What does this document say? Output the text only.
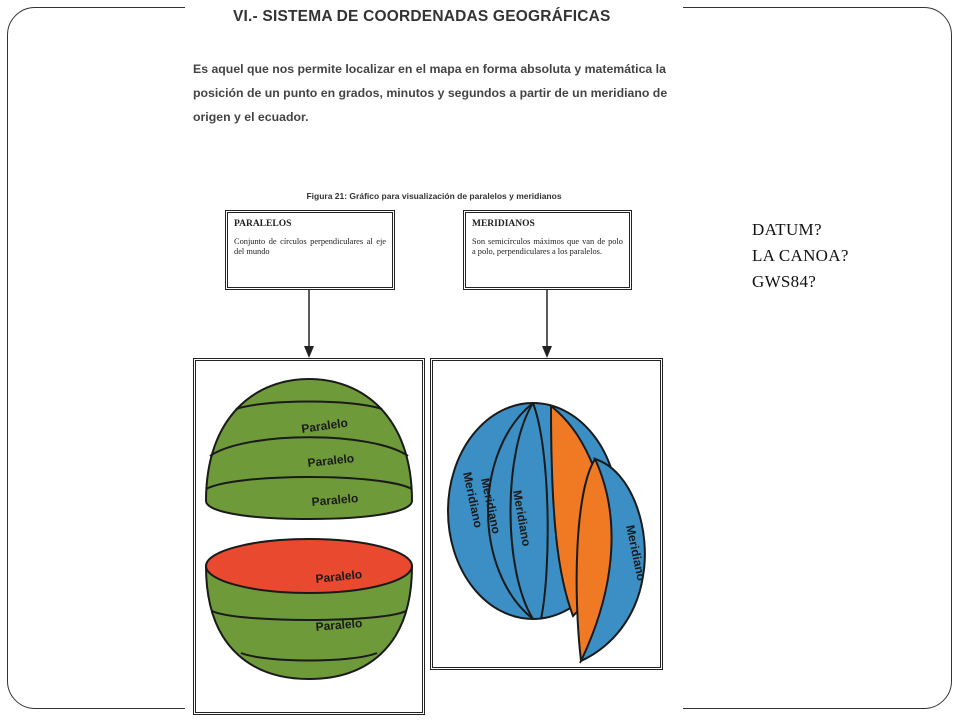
VI.- SISTEMA DE COORDENADAS GEOGRÁFICAS
Es aquel que nos permite localizar en el mapa en forma absoluta y matemática la posición de un punto en grados, minutos y segundos a partir de un meridiano de origen y el ecuador.
Figura 21: Gráfico para visualización de paralelos y meridianos
PARALELOS
Conjunto de círculos perpendiculares al eje del mundo
MERIDIANOS
Son semicírculos máximos que van de polo a polo, perpendiculares a los paralelos.
Paralelo
Paralelo
Paralelo
Paralelo
Paralelo
Meridiano
Meridiano Meridiano
Meridiano
DATUM?
LA CANOA?
GWS84?
